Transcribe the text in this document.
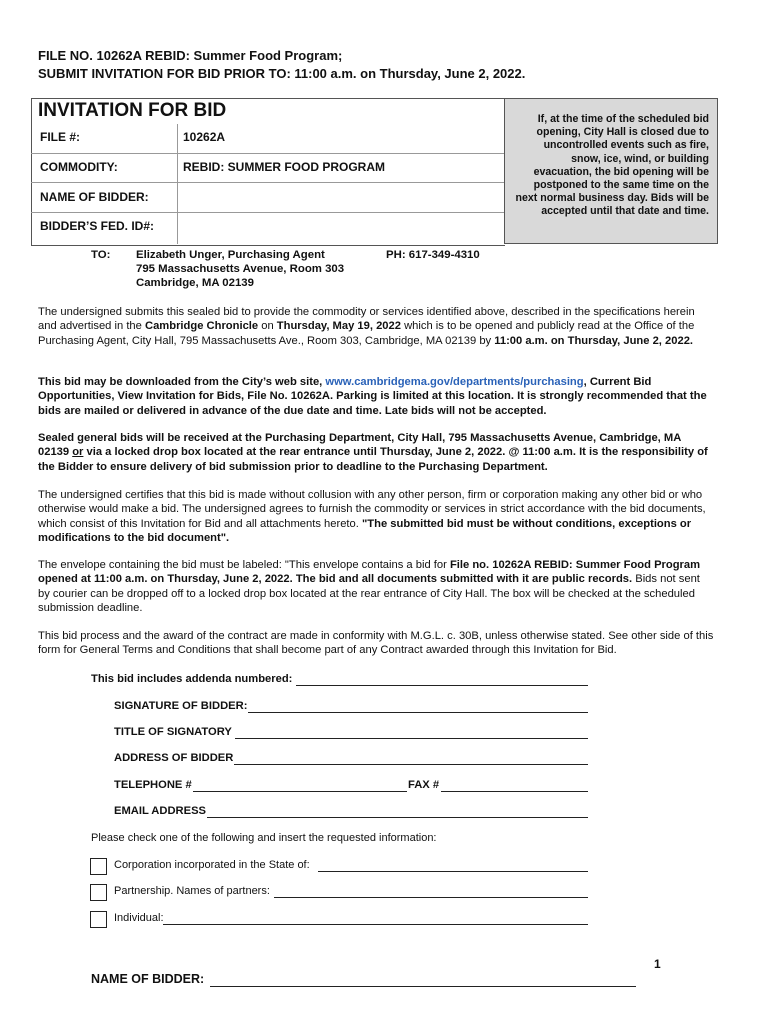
FILE NO. 10262A REBID: Summer Food Program;
SUBMIT INVITATION FOR BID PRIOR TO: 11:00 a.m. on Thursday, June 2, 2022.
INVITATION FOR BID
FILE #:	10262A
COMMODITY:	REBID: SUMMER FOOD PROGRAM
NAME OF BIDDER:
BIDDER’S FED. ID#:
If, at the time of the scheduled bid opening, City Hall is closed due to uncontrolled events such as fire, snow, ice, wind, or building evacuation, the bid opening will be postponed to the same time on the next normal business day. Bids will be accepted until that date and time.
TO: Elizabeth Unger, Purchasing Agent
795 Massachusetts Avenue, Room 303
Cambridge, MA 02139
PH: 617-349-4310
The undersigned submits this sealed bid to provide the commodity or services identified above, described in the specifications herein and advertised in the Cambridge Chronicle on Thursday, May 19, 2022 which is to be opened and publicly read at the Office of the Purchasing Agent, City Hall, 795 Massachusetts Ave., Room 303, Cambridge, MA 02139 by 11:00 a.m. on Thursday, June 2, 2022.
This bid may be downloaded from the City’s web site, www.cambridgema.gov/departments/purchasing, Current Bid Opportunities, View Invitation for Bids, File No. 10262A. Parking is limited at this location. It is strongly recommended that the bids are mailed or delivered in advance of the due date and time. Late bids will not be accepted.
Sealed general bids will be received at the Purchasing Department, City Hall, 795 Massachusetts Avenue, Cambridge, MA 02139 or via a locked drop box located at the rear entrance until Thursday, June 2, 2022. @ 11:00 a.m. It is the responsibility of the Bidder to ensure delivery of bid submission prior to deadline to the Purchasing Department.
The undersigned certifies that this bid is made without collusion with any other person, firm or corporation making any other bid or who otherwise would make a bid. The undersigned agrees to furnish the commodity or services in strict accordance with the bid documents, which consist of this Invitation for Bid and all attachments hereto. "The submitted bid must be without conditions, exceptions or modifications to the bid document".
The envelope containing the bid must be labeled: "This envelope contains a bid for File no. 10262A REBID: Summer Food Program opened at 11:00 a.m. on Thursday, June 2, 2022. The bid and all documents submitted with it are public records. Bids not sent by courier can be dropped off to a locked drop box located at the rear entrance of City Hall. The box will be checked at the scheduled submission deadline.
This bid process and the award of the contract are made in conformity with M.G.L. c. 30B, unless otherwise stated. See other side of this form for General Terms and Conditions that shall become part of any Contract awarded through this Invitation for Bid.
This bid includes addenda numbered:
SIGNATURE OF BIDDER:
TITLE OF SIGNATORY
ADDRESS OF BIDDER
TELEPHONE #	FAX #
EMAIL ADDRESS
Please check one of the following and insert the requested information:
Corporation incorporated in the State of:
Partnership. Names of partners:
Individual:
1
NAME OF BIDDER:
